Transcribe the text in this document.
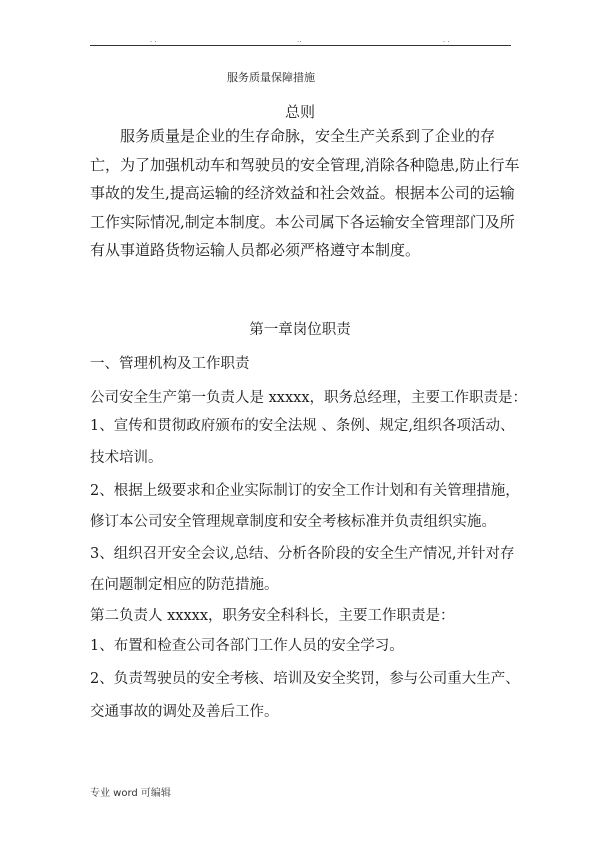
. .	..	. .
服务质量保障措施
总则
服务质量是企业的生存命脉，安全生产关系到了企业的存亡，为了加强机动车和驾驶员的安全管理,消除各种隐患,防止行车事故的发生,提高运输的经济效益和社会效益。根据本公司的运输工作实际情况,制定本制度。本公司属下各运输安全管理部门及所有从事道路货物运输人员都必须严格遵守本制度。
第一章岗位职责
一、管理机构及工作职责
公司安全生产第一负责人是 xxxxx，职务总经理，主要工作职责是：
1、宣传和贯彻政府颁布的安全法规 、条例、规定,组织各项活动、
技术培训。
2、根据上级要求和企业实际制订的安全工作计划和有关管理措施，
修订本公司安全管理规章制度和安全考核标准并负责组织实施。
3、组织召开安全会议,总结、分析各阶段的安全生产情况,并针对存
在问题制定相应的防范措施。
第二负责人 xxxxx，职务安全科科长，主要工作职责是：
1、布置和检查公司各部门工作人员的安全学习。
2、负责驾驶员的安全考核、培训及安全奖罚，参与公司重大生产、
交通事故的调处及善后工作。
专业 word 可编辑
